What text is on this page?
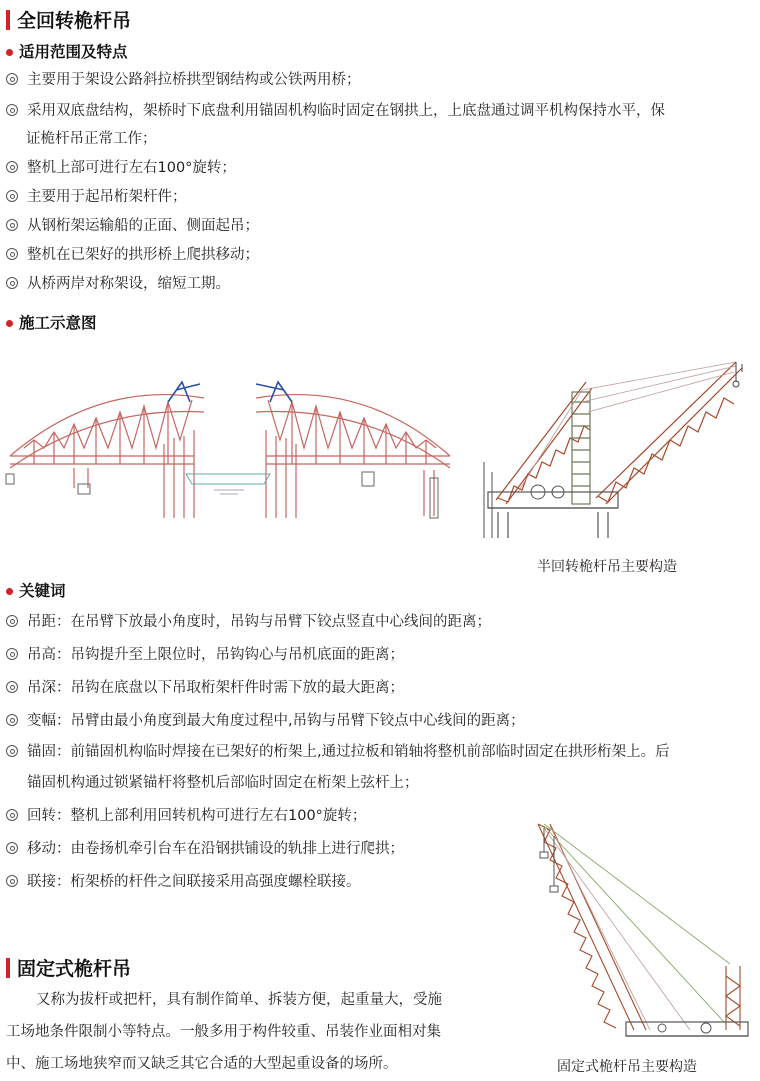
全回转桅杆吊
适用范围及特点
主要用于架设公路斜拉桥拱型钢结构或公铁两用桥；
采用双底盘结构，架桥时下底盘利用锚固机构临时固定在钢拱上，上底盘通过调平机构保持水平，保
证桅杆吊正常工作；
整机上部可进行左右100°旋转；
主要用于起吊桁架杆件；
从钢桁架运输船的正面、侧面起吊；
整机在已架好的拱形桥上爬拱移动；
从桥两岸对称架设，缩短工期。
施工示意图
半回转桅杆吊主要构造
关键词
吊距：在吊臂下放最小角度时，吊钩与吊臂下铰点竖直中心线间的距离；
吊高：吊钩提升至上限位时，吊钩钩心与吊机底面的距离；
吊深：吊钩在底盘以下吊取桁架杆件时需下放的最大距离；
变幅：吊臂由最小角度到最大角度过程中,吊钩与吊臂下铰点中心线间的距离；
锚固：前锚固机构临时焊接在已架好的桁架上,通过拉板和销轴将整机前部临时固定在拱形桁架上。后
锚固机构通过锁紧锚杆将整机后部临时固定在桁架上弦杆上；
回转：整机上部利用回转机构可进行左右100°旋转；
移动：由卷扬机牵引台车在沿钢拱铺设的轨排上进行爬拱；
联接：桁架桥的杆件之间联接采用高强度螺栓联接。
固定式桅杆吊主要构造
固定式桅杆吊
又称为拔杆或把杆，具有制作简单、拆装方便，起重量大，受施
工场地条件限制小等特点。一般多用于构件较重、吊装作业面相对集
中、施工场地狭窄而又缺乏其它合适的大型起重设备的场所。
